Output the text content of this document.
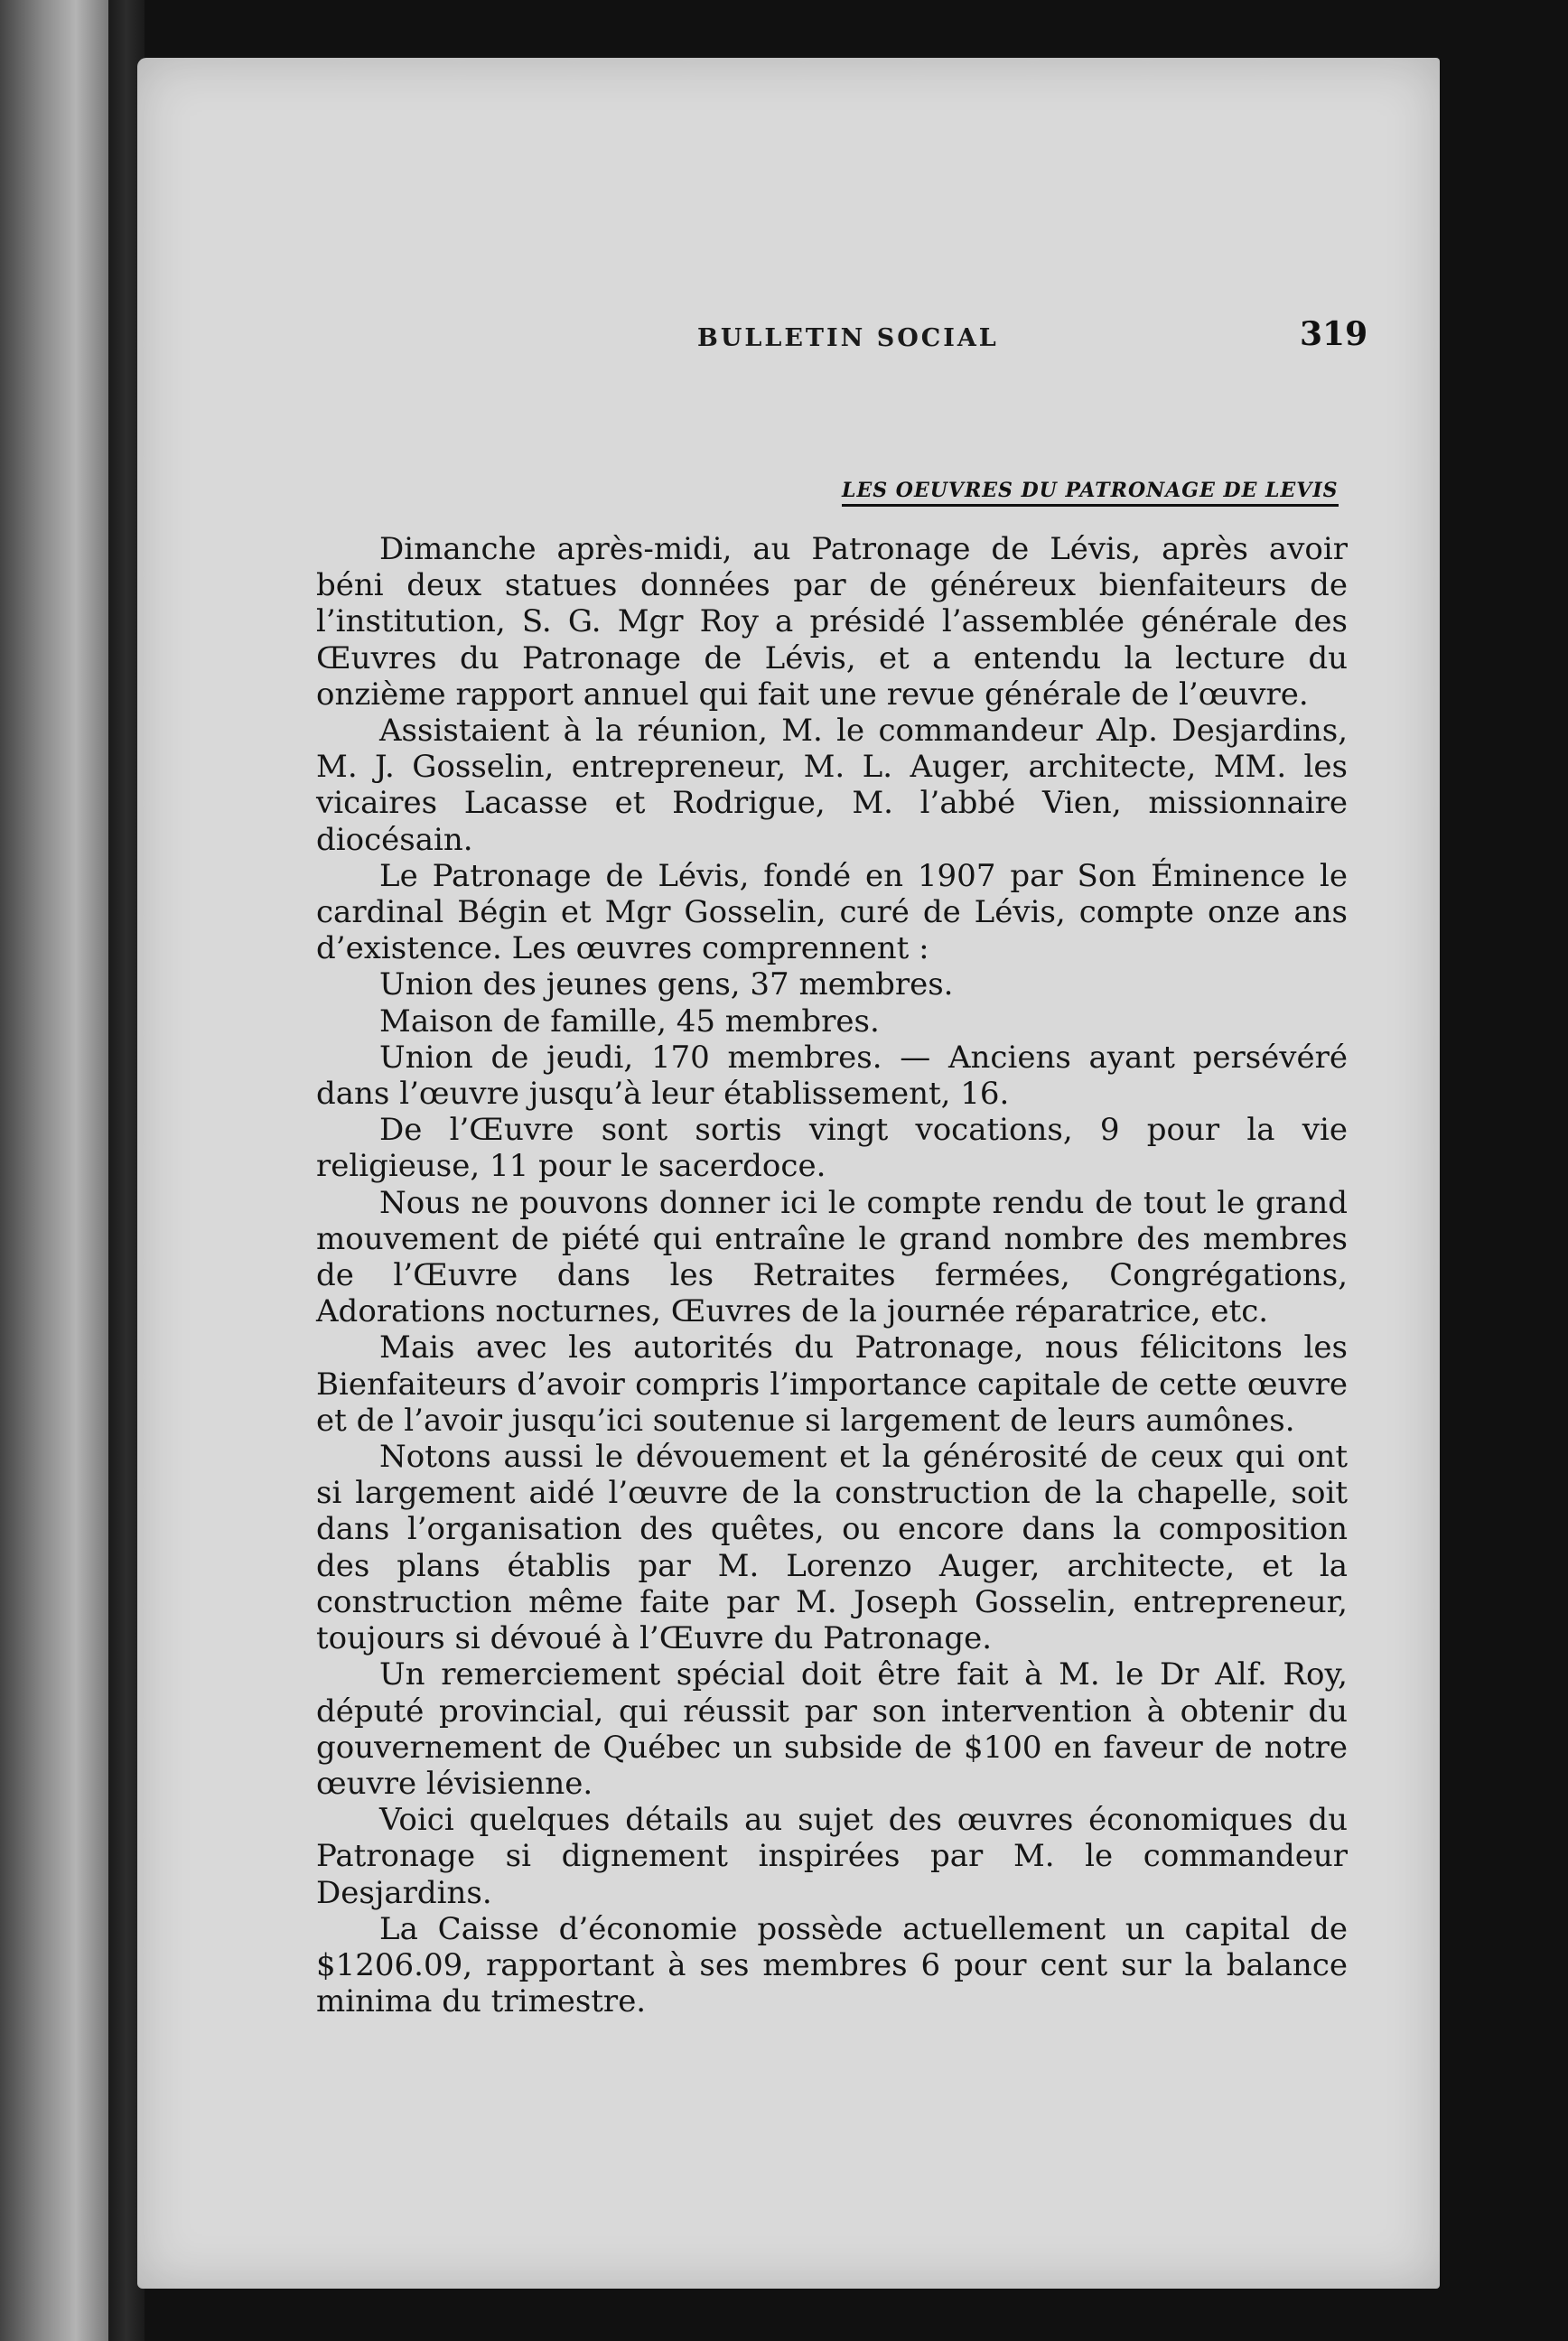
BULLETIN SOCIAL	319
LES OEUVRES DU PATRONAGE DE LEVIS

Dimanche après-midi, au Patronage de Lévis, après avoir béni deux statues données par de généreux bienfaiteurs de l’institution, S. G. Mgr Roy a présidé l’assemblée générale des Œuvres du Patronage de Lévis, et a entendu la lecture du onzième rapport annuel qui fait une revue générale de l’œuvre.

Assistaient à la réunion, M. le commandeur Alp. Desjardins, M. J. Gosselin, entrepreneur, M. L. Auger, architecte, MM. les vicaires Lacasse et Rodrigue, M. l’abbé Vien, missionnaire diocésain.

Le Patronage de Lévis, fondé en 1907 par Son Éminence le cardinal Bégin et Mgr Gosselin, curé de Lévis, compte onze ans d’existence. Les œuvres comprennent :

Union des jeunes gens, 37 membres.

Maison de famille, 45 membres.

Union de jeudi, 170 membres. — Anciens ayant persévéré dans l’œuvre jusqu’à leur établissement, 16.

De l’Œuvre sont sortis vingt vocations, 9 pour la vie religieuse, 11 pour le sacerdoce.

Nous ne pouvons donner ici le compte rendu de tout le grand mouvement de piété qui entraîne le grand nombre des membres de l’Œuvre dans les Retraites fermées, Congrégations, Adorations nocturnes, Œuvres de la journée réparatrice, etc.

Mais avec les autorités du Patronage, nous félicitons les Bienfaiteurs d’avoir compris l’importance capitale de cette œuvre et de l’avoir jusqu’ici soutenue si largement de leurs aumônes.

Notons aussi le dévouement et la générosité de ceux qui ont si largement aidé l’œuvre de la construction de la chapelle, soit dans l’organisation des quêtes, ou encore dans la composition des plans établis par M. Lorenzo Auger, architecte, et la construction même faite par M. Joseph Gosselin, entrepreneur, toujours si dévoué à l’Œuvre du Patronage.

Un remerciement spécial doit être fait à M. le Dr Alf. Roy, député provincial, qui réussit par son intervention à obtenir du gouvernement de Québec un subside de $100 en faveur de notre œuvre lévisienne.

Voici quelques détails au sujet des œuvres économiques du Patronage si dignement inspirées par M. le commandeur Desjardins.

La Caisse d’économie possède actuellement un capital de $1206.09, rapportant à ses membres 6 pour cent sur la balance minima du trimestre.
